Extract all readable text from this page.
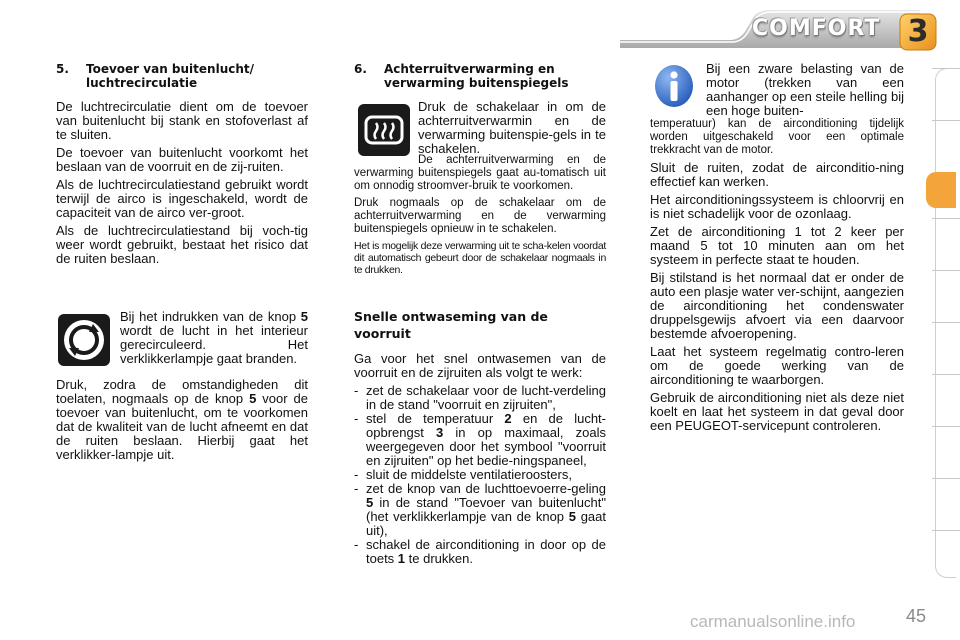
COMFORT 3
5.	Toevoer van buitenlucht/ luchtrecirculatie

De luchtrecirculatie dient om de toevoer van buitenlucht bij stank en stofoverlast af te sluiten.

De toevoer van buitenlucht voorkomt het beslaan van de voorruit en de zij-ruiten.

Als de luchtrecirculatiestand gebruikt wordt terwijl de airco is ingeschakeld, wordt de capaciteit van de airco ver-groot.

Als de luchtrecirculatiestand bij voch-tig weer wordt gebruikt, bestaat het risico dat de ruiten beslaan.

Bij het indrukken van de knop 5 wordt de lucht in het interieur gerecirculeerd. Het verklikkerlampje gaat branden.

Druk, zodra de omstandigheden dit toelaten, nogmaals op de knop 5 voor de toevoer van buitenlucht, om te voorkomen dat de kwaliteit van de lucht afneemt en dat de ruiten beslaan. Hierbij gaat het verklikker-lampje uit.

6.	Achterruitverwarming en verwarming buitenspiegels

Druk de schakelaar in om de achterruitverwarmin en de verwarming buitenspie-gels in te schakelen.

De achterruitverwarming en de verwarming buitenspiegels gaat au-tomatisch uit om onnodig stroomver-bruik te voorkomen.

Druk nogmaals op de schakelaar om de achterruitverwarming en de verwarming buitenspiegels opnieuw in te schakelen.

Het is mogelijk deze verwarming uit te scha-kelen voordat dit automatisch gebeurt door de schakelaar nogmaals in te drukken.

Snelle ontwaseming van de voorruit

Ga voor het snel ontwasemen van de voorruit en de zijruiten als volgt te werk:

- zet de schakelaar voor de lucht-verdeling in de stand "voorruit en zijruiten",
- stel de temperatuur 2 en de lucht-opbrengst 3 in op maximaal, zoals weergegeven door het symbool "voorruit en zijruiten" op het bedie-ningspaneel,
- sluit de middelste ventilatieroosters,
- zet de knop van de luchttoevoerre-geling 5 in de stand "Toevoer van buitenlucht" (het verklikkerlampje van de knop 5 gaat uit),
- schakel de airconditioning in door op de toets 1 te drukken.

Bij een zware belasting van de motor (trekken van een aanhanger op een steile helling bij een hoge buiten-

temperatuur) kan de airconditioning tijdelijk worden uitgeschakeld voor een optimale trekkracht van de motor.

Sluit de ruiten, zodat de airconditio-ning effectief kan werken.

Het airconditioningssysteem is chloorvrij en is niet schadelijk voor de ozonlaag.

Zet de airconditioning 1 tot 2 keer per maand 5 tot 10 minuten aan om het systeem in perfecte staat te houden.

Bij stilstand is het normaal dat er onder de auto een plasje water ver-schijnt, aangezien de airconditioning het condenswater druppelsgewijs afvoert via een daarvoor bestemde afvoeropening.

Laat het systeem regelmatig contro-leren om de goede werking van de airconditioning te waarborgen.

Gebruik de airconditioning niet als deze niet koelt en laat het systeem in dat geval door een PEUGEOT-servicepunt controleren.

carmanualsonline.info	45
